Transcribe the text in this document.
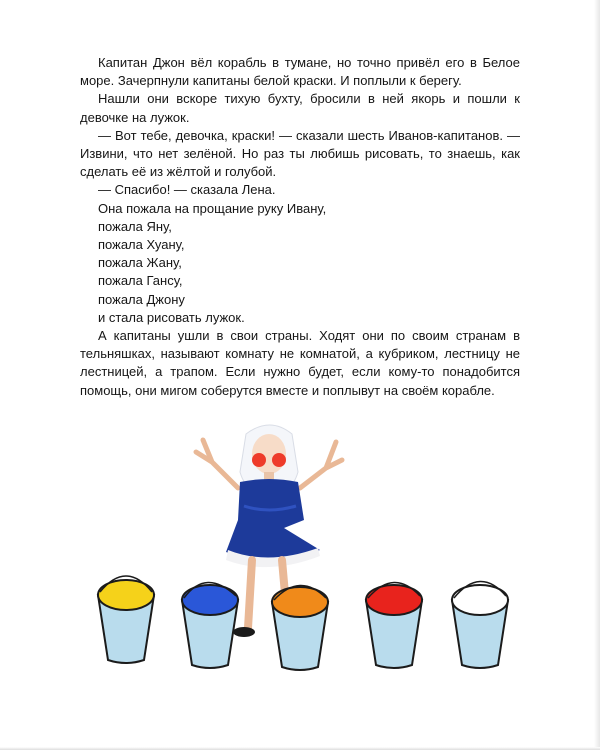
Капитан Джон вёл корабль в тумане, но точно привёл его в Белое море. Зачерпнули капитаны белой краски. И поплыли к берегу.

Нашли они вскоре тихую бухту, бросили в ней якорь и пошли к девочке на лужок.

— Вот тебе, девочка, краски! — сказали шесть Иванов-капитанов. — Извини, что нет зелёной. Но раз ты любишь рисовать, то знаешь, как сделать её из жёлтой и голубой.

— Спасибо! — сказала Лена.

Она пожала на прощание руку Ивану,

пожала Яну,

пожала Хуану,

пожала Жану,

пожала Гансу,

пожала Джону

и стала рисовать лужок.

А капитаны ушли в свои страны. Ходят они по своим странам в тельняшках, называют комнату не комнатой, а кубриком, лестницу не лестницей, а трапом. Если нужно будет, если кому-то понадобится помощь, они мигом соберутся вместе и поплывут на своём корабле.
